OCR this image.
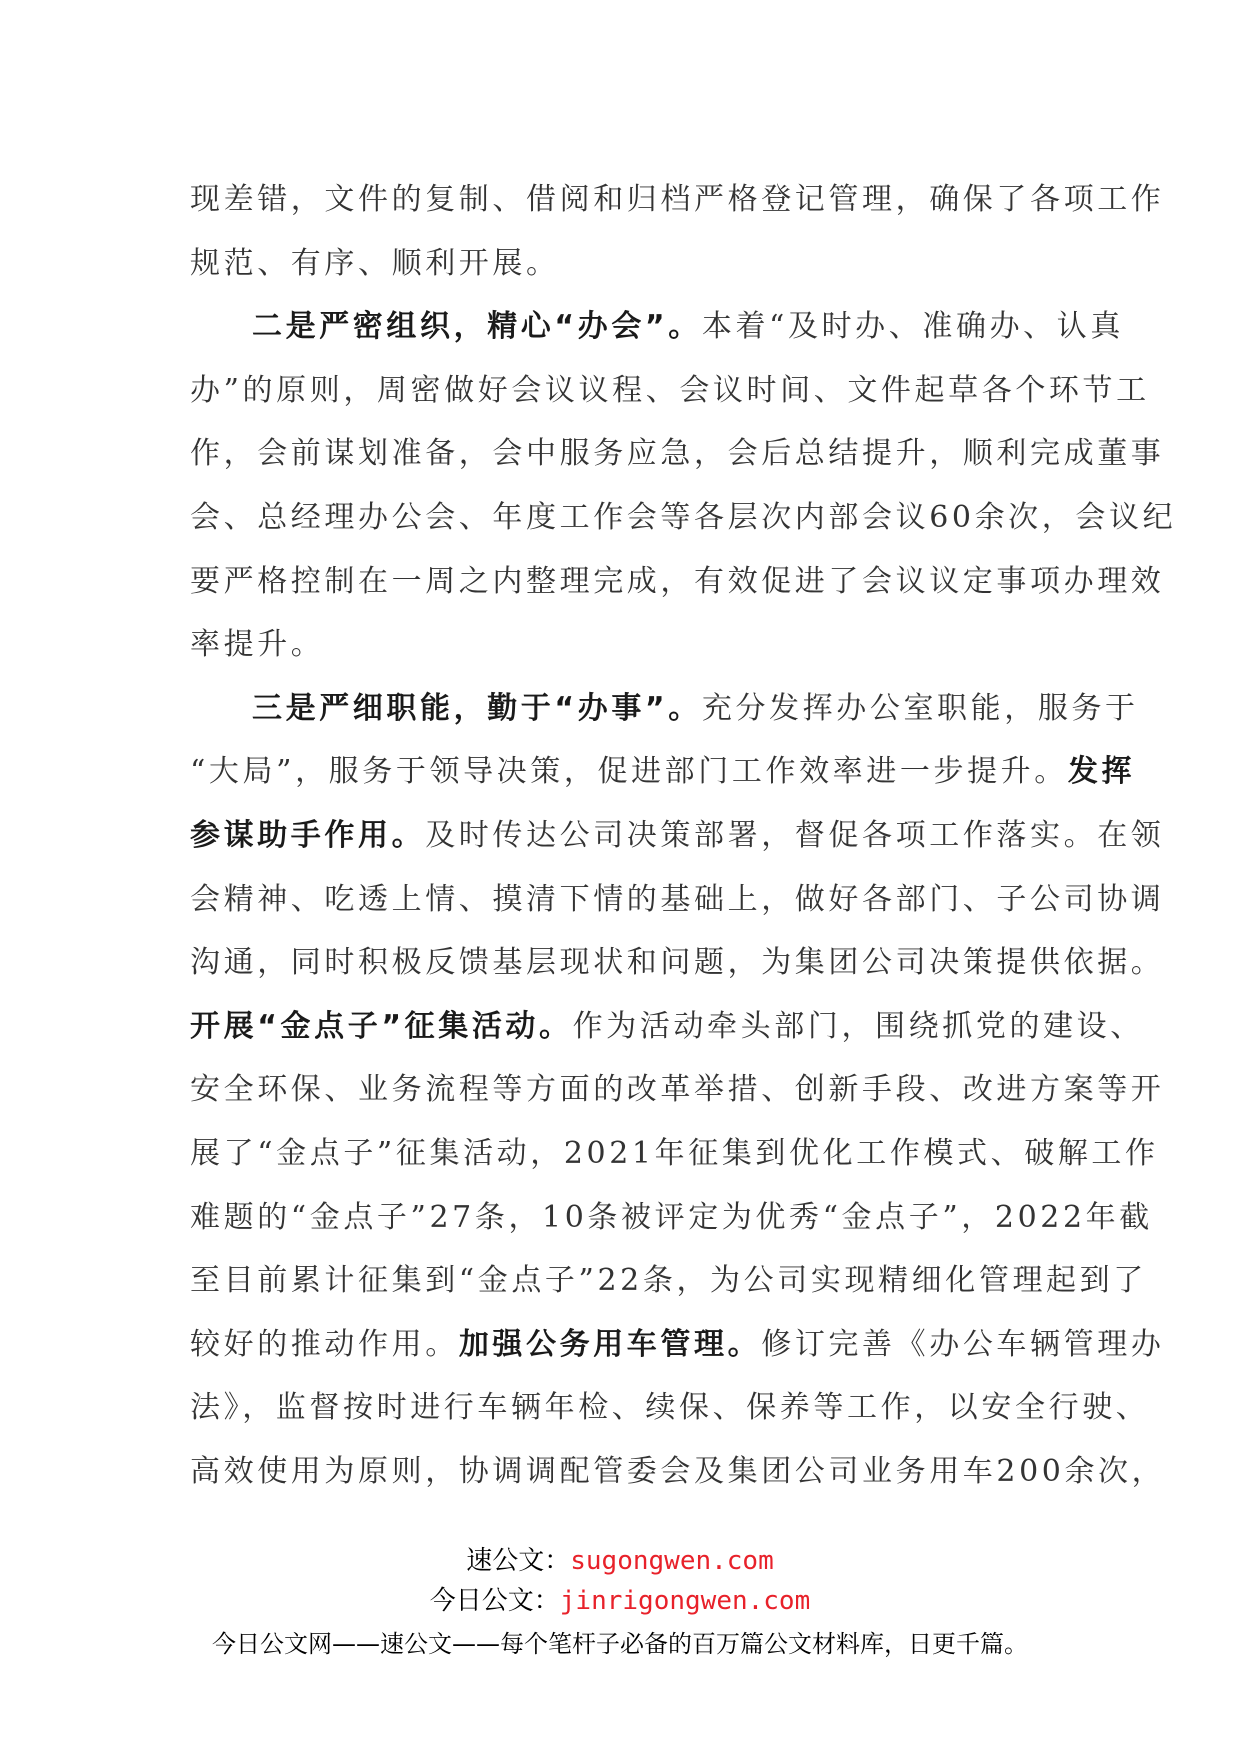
现差错，文件的复制、借阅和归档严格登记管理，确保了各项工作
规范、有序、顺利开展。
二是严密组织，精心“办会”。本着“及时办、准确办、认真
办”的原则，周密做好会议议程、会议时间、文件起草各个环节工
作，会前谋划准备，会中服务应急，会后总结提升，顺利完成董事
会、总经理办公会、年度工作会等各层次内部会议60余次，会议纪
要严格控制在一周之内整理完成，有效促进了会议议定事项办理效
率提升。
三是严细职能，勤于“办事”。充分发挥办公室职能，服务于
“大局”，服务于领导决策，促进部门工作效率进一步提升。发挥
参谋助手作用。及时传达公司决策部署，督促各项工作落实。在领
会精神、吃透上情、摸清下情的基础上，做好各部门、子公司协调
沟通，同时积极反馈基层现状和问题，为集团公司决策提供依据。
开展“金点子”征集活动。作为活动牵头部门，围绕抓党的建设、
安全环保、业务流程等方面的改革举措、创新手段、改进方案等开
展了“金点子”征集活动，2021年征集到优化工作模式、破解工作
难题的“金点子”27条，10条被评定为优秀“金点子”，2022年截
至目前累计征集到“金点子”22条，为公司实现精细化管理起到了
较好的推动作用。加强公务用车管理。修订完善《办公车辆管理办
法》，监督按时进行车辆年检、续保、保养等工作，以安全行驶、
高效使用为原则，协调调配管委会及集团公司业务用车200余次，
速公文：sugongwen.com
今日公文：jinrigongwen.com
今日公文网——速公文——每个笔杆子必备的百万篇公文材料库，日更千篇。
